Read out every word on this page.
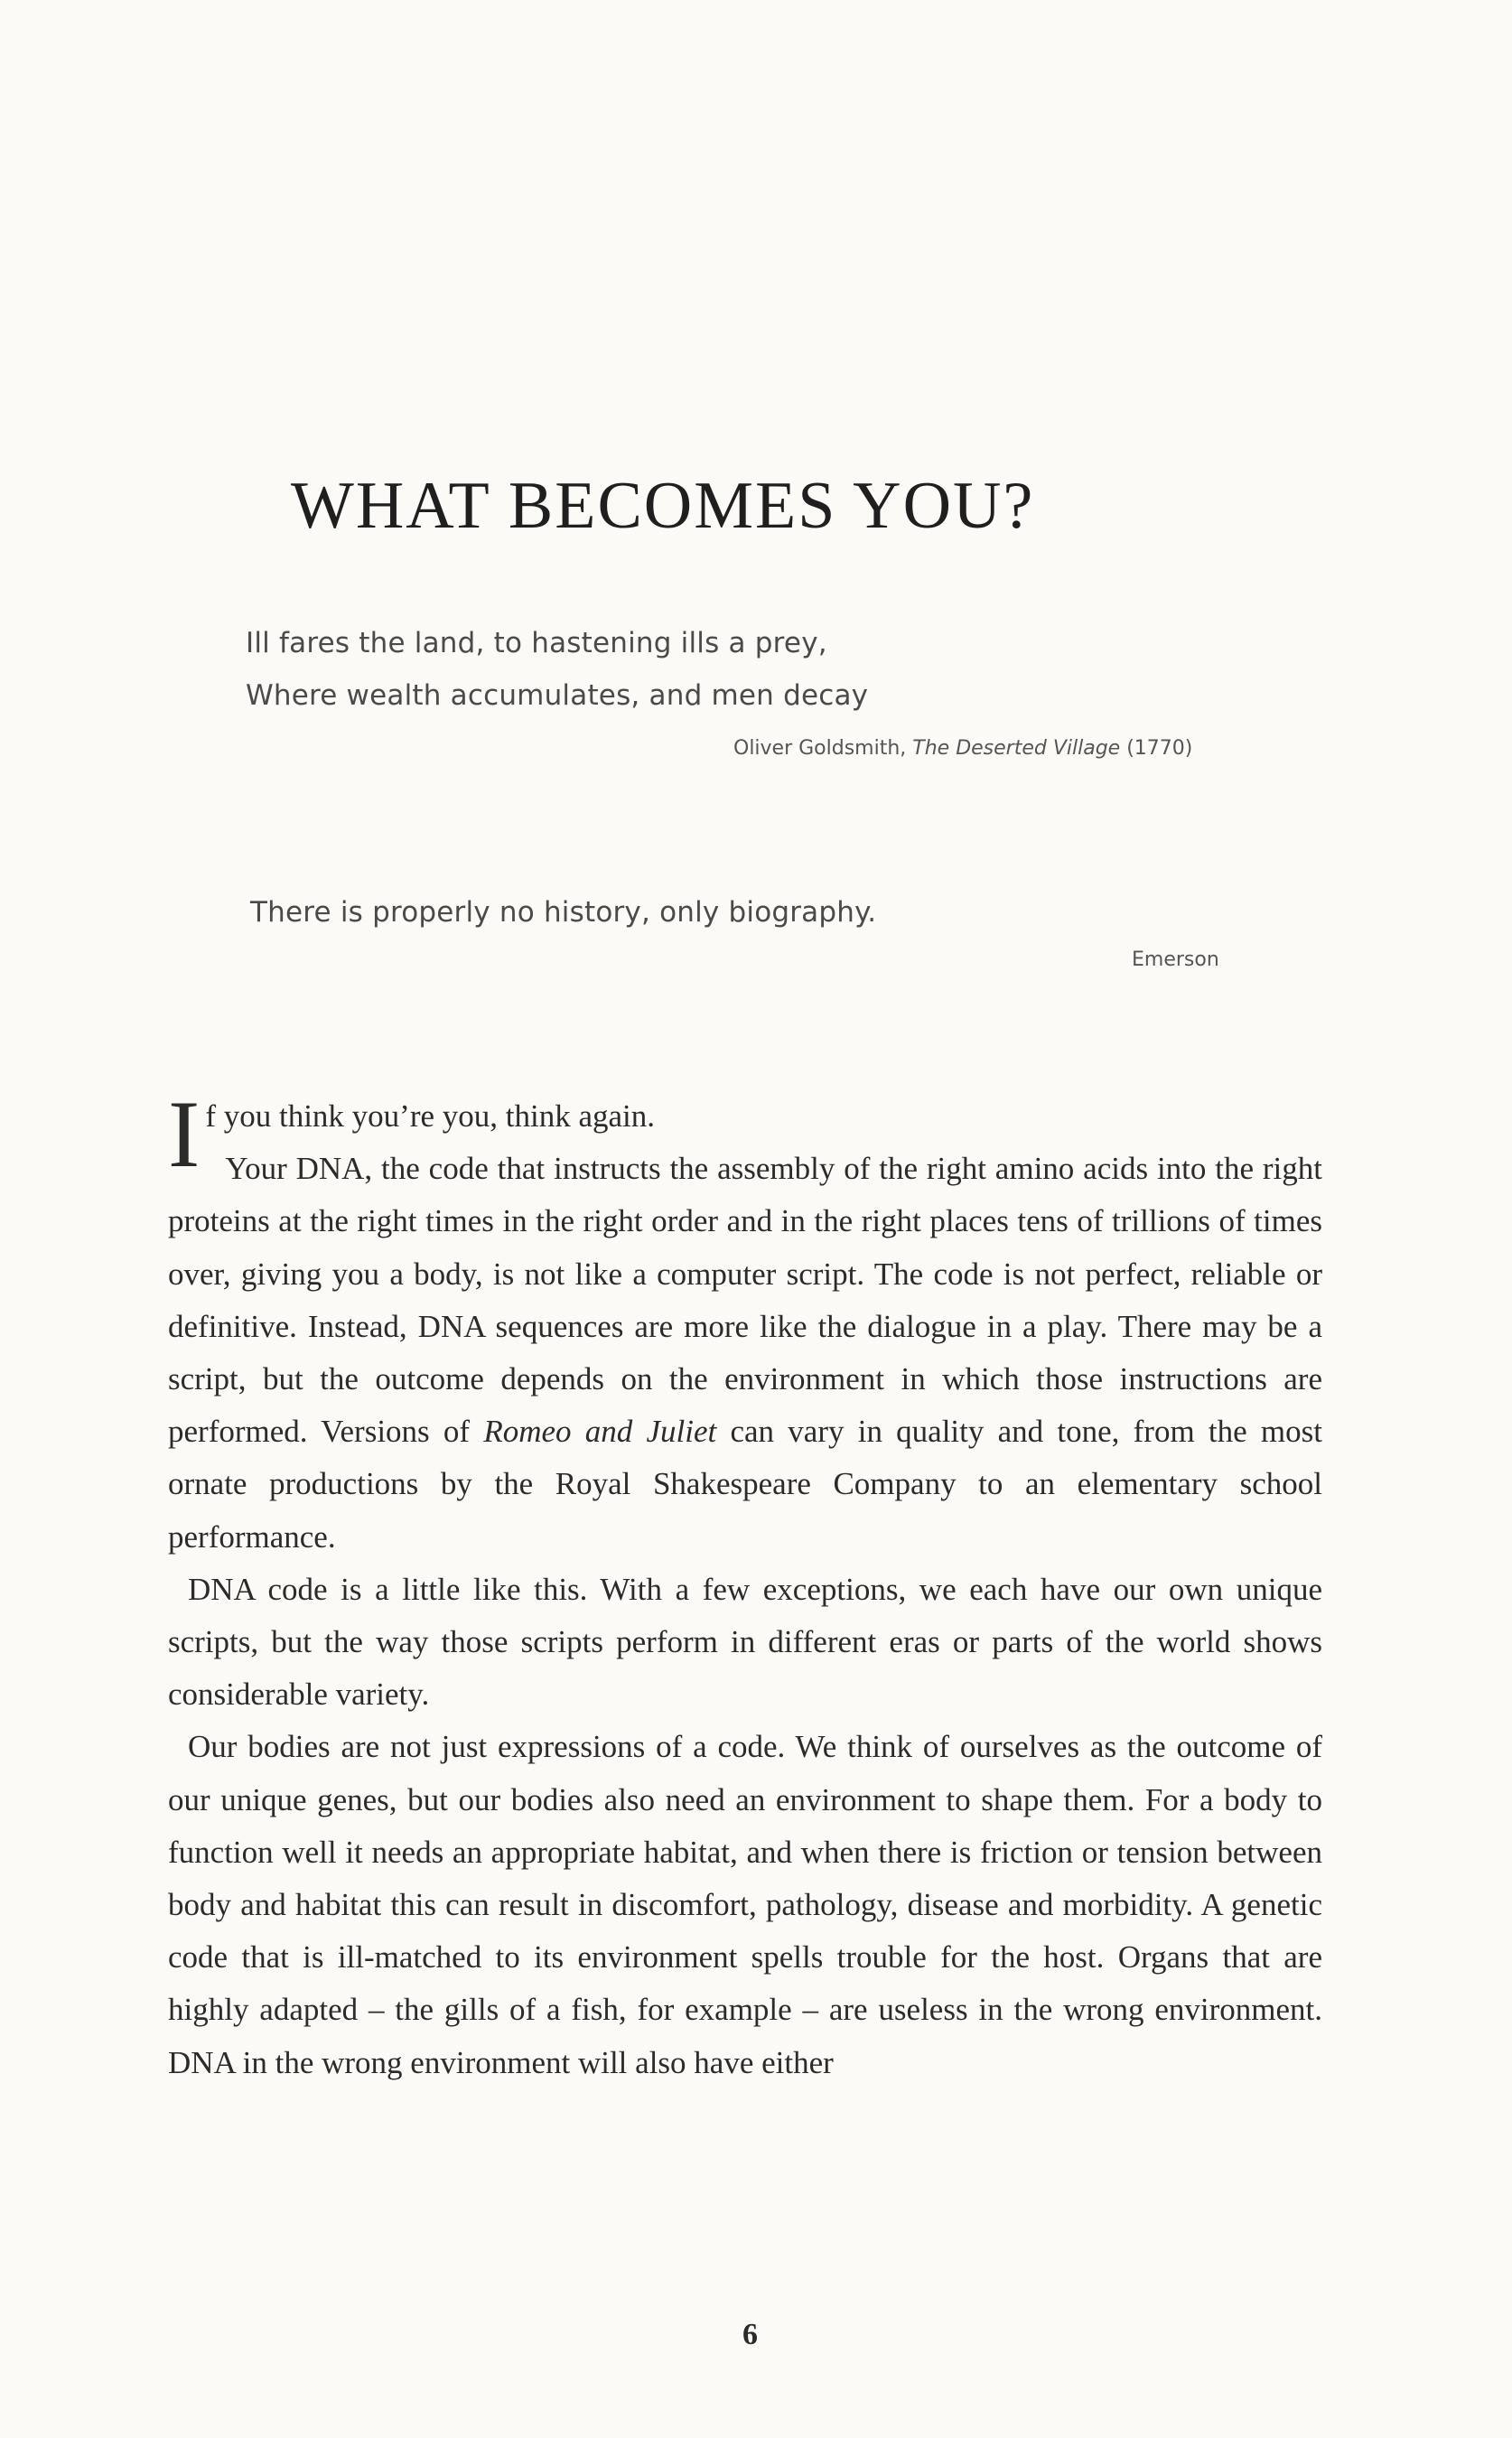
WHAT BECOMES YOU?
Ill fares the land, to hastening ills a prey,
Where wealth accumulates, and men decay
Oliver Goldsmith, The Deserted Village (1770)
There is properly no history, only biography.
Emerson

If you think you’re you, think again.
Your DNA, the code that instructs the assembly of the right amino acids into the right proteins at the right times in the right order and in the right places tens of trillions of times over, giving you a body, is not like a computer script. The code is not perfect, reliable or definitive. Instead, DNA sequences are more like the dialogue in a play. There may be a script, but the outcome depends on the environment in which those instructions are performed. Versions of Romeo and Juliet can vary in quality and tone, from the most ornate productions by the Royal Shakespeare Company to an elementary school performance.

DNA code is a little like this. With a few exceptions, we each have our own unique scripts, but the way those scripts perform in different eras or parts of the world shows considerable variety.

Our bodies are not just expressions of a code. We think of ourselves as the outcome of our unique genes, but our bodies also need an environment to shape them. For a body to function well it needs an appropriate habitat, and when there is friction or tension between body and habitat this can result in discomfort, pathology, disease and morbidity. A genetic code that is ill-matched to its environment spells trouble for the host. Organs that are highly adapted – the gills of a fish, for example – are useless in the wrong environment. DNA in the wrong environment will also have either

6
